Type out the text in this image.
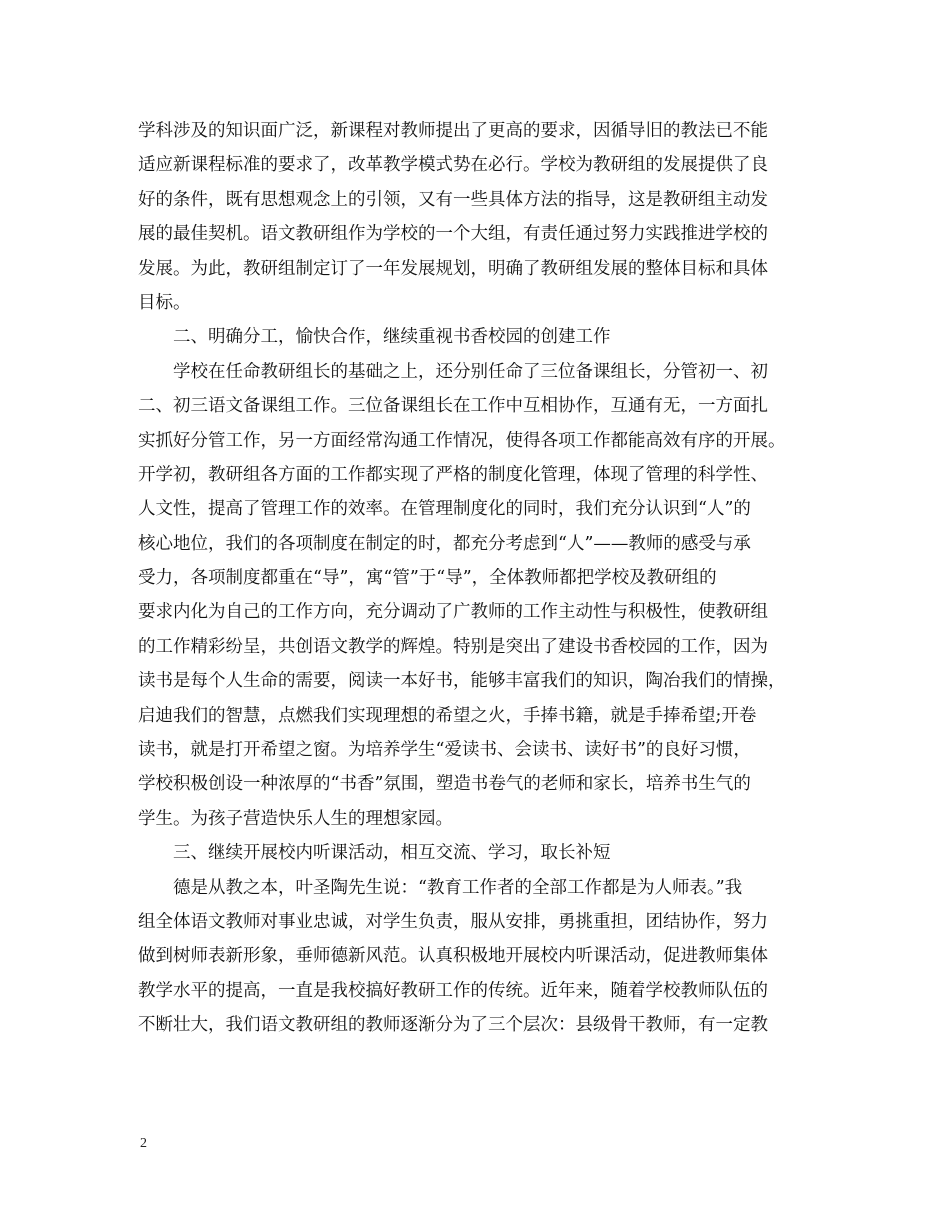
学科涉及的知识面广泛，新课程对教师提出了更高的要求，因循导旧的教法已不能
适应新课程标准的要求了，改革教学模式势在必行。学校为教研组的发展提供了良
好的条件，既有思想观念上的引领，又有一些具体方法的指导，这是教研组主动发
展的最佳契机。语文教研组作为学校的一个大组，有责任通过努力实践推进学校的
发展。为此，教研组制定订了一年发展规划，明确了教研组发展的整体目标和具体
目标。
　　二、明确分工，愉快合作，继续重视书香校园的创建工作
　　学校在任命教研组长的基础之上，还分别任命了三位备课组长，分管初一、初
二、初三语文备课组工作。三位备课组长在工作中互相协作，互通有无，一方面扎
实抓好分管工作，另一方面经常沟通工作情况，使得各项工作都能高效有序的开展。
开学初，教研组各方面的工作都实现了严格的制度化管理，体现了管理的科学性、
人文性，提高了管理工作的效率。在管理制度化的同时，我们充分认识到“人”的
核心地位，我们的各项制度在制定的时，都充分考虑到“人”——教师的感受与承
受力，各项制度都重在“导”，寓“管”于“导”，全体教师都把学校及教研组的
要求内化为自己的工作方向，充分调动了广教师的工作主动性与积极性，使教研组
的工作精彩纷呈，共创语文教学的辉煌。特别是突出了建设书香校园的工作，因为
读书是每个人生命的需要，阅读一本好书，能够丰富我们的知识，陶冶我们的情操，
启迪我们的智慧，点燃我们实现理想的希望之火，手捧书籍，就是手捧希望;开卷
读书，就是打开希望之窗。为培养学生“爱读书、会读书、读好书”的良好习惯，
学校积极创设一种浓厚的“书香”氛围，塑造书卷气的老师和家长，培养书生气的
学生。为孩子营造快乐人生的理想家园。
　　三、继续开展校内听课活动，相互交流、学习，取长补短
　　德是从教之本，叶圣陶先生说：“教育工作者的全部工作都是为人师表。”我
组全体语文教师对事业忠诚，对学生负责，服从安排，勇挑重担，团结协作，努力
做到树师表新形象，垂师德新风范。认真积极地开展校内听课活动，促进教师集体
教学水平的提高，一直是我校搞好教研工作的传统。近年来，随着学校教师队伍的
不断壮大，我们语文教研组的教师逐渐分为了三个层次：县级骨干教师，有一定教
2
